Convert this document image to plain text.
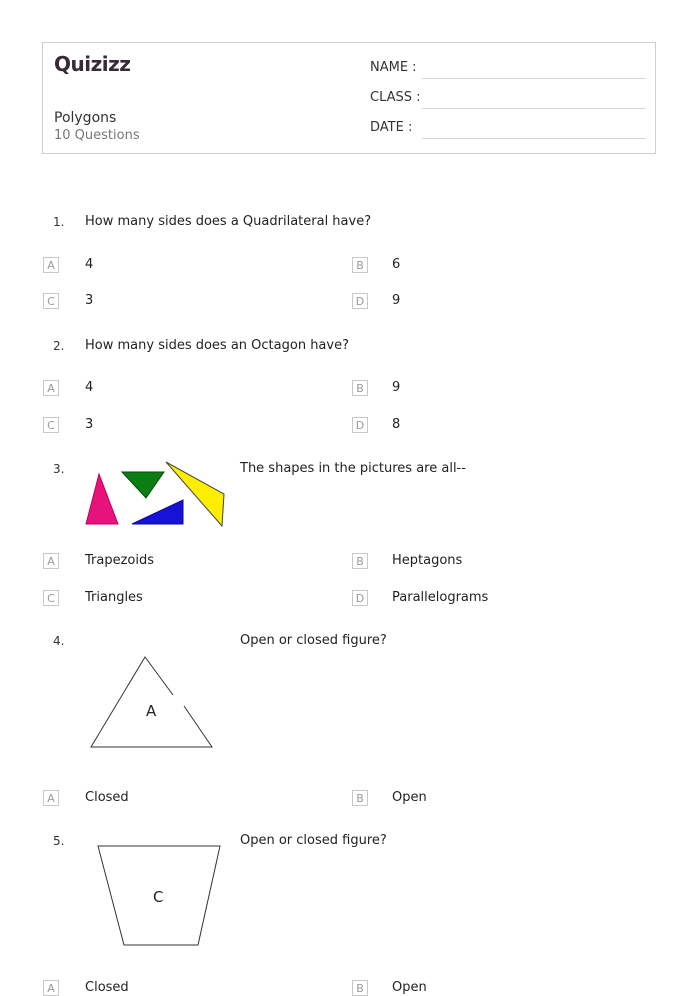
Quizizz
Polygons
10 Questions
NAME :
CLASS :
DATE :
1. How many sides does a Quadrilateral have?
A	4	B	6
C	3	D 9
2. How many sides does an Octagon have?
A	4	B	9
C	3	D 8
3.	The shapes in the pictures are all--
A	Trapezoids	B	Heptagons
C	Triangles	D Parallelograms
4.
A
Open or closed figure?
A	Closed	B	Open
5.
C
Open or closed figure?
A	Closed	B	Open
